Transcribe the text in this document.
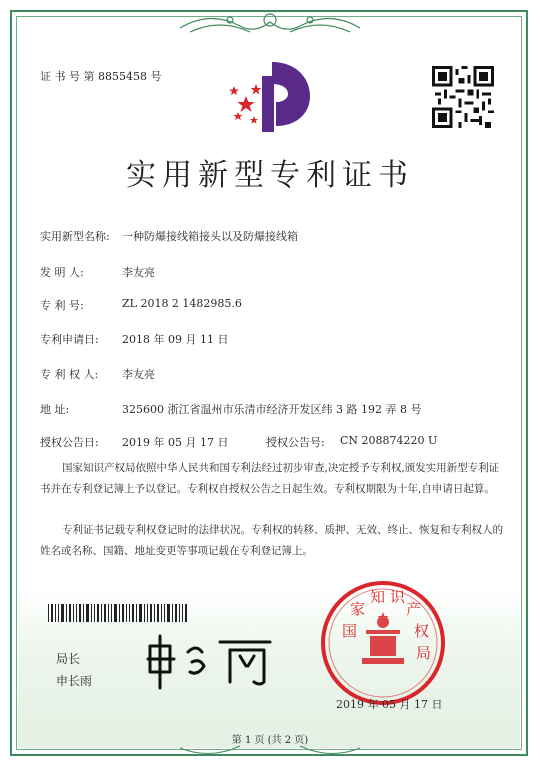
证 书 号 第 8855458 号
实用新型专利证书
实用新型名称: 一种防爆接线箱接头以及防爆接线箱
发 明 人:	李友亮
专 利 号:	ZL 2018 2 1482985.6
专利申请日: 2018 年 09 月 11 日
专 利 权 人: 李友亮
地 址:	325600 浙江省温州市乐清市经济开发区纬 3 路 192 弄 8 号
授权公告日: 2019 年 05 月 17 日	授权公告号: CN 208874220 U
国家知识产权局依照中华人民共和国专利法经过初步审查,决定授予专利权,颁发实用新型专利证书并在专利登记簿上予以登记。专利权自授权公告之日起生效。专利权期限为十年,自申请日起算。
专利证书记载专利权登记时的法律状况。专利权的转移、质押、无效、终止、恢复和专利权人的姓名或名称、国籍、地址变更等事项记载在专利登记簿上。
局长
申长雨
国
家
知 识
产
权
局
2019 年 05 月 17 日
第 1 页 (共 2 页)
